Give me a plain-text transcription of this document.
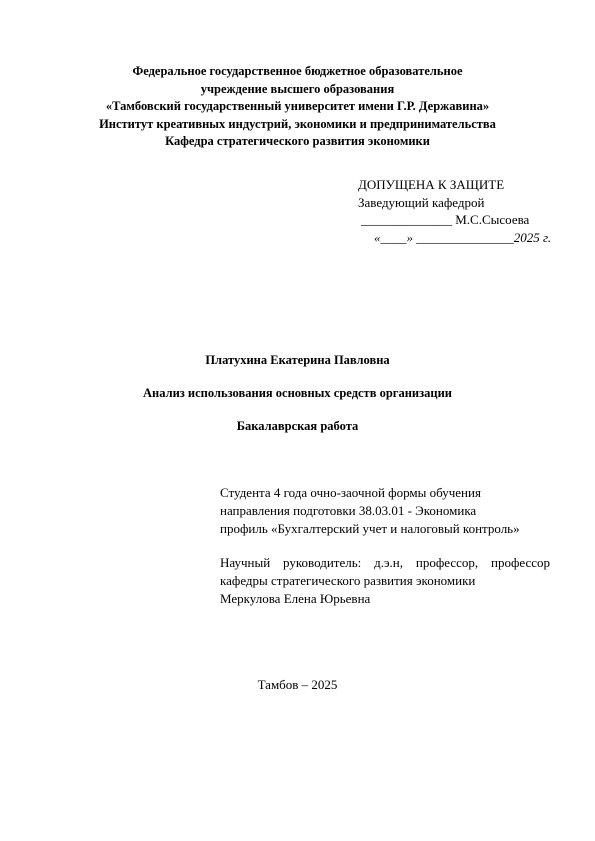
Федеральное государственное бюджетное образовательное
учреждение высшего образования
«Тамбовский государственный университет имени Г.Р. Державина»
Институт креативных индустрий, экономики и предпринимательства
Кафедра стратегического развития экономики
ДОПУЩЕНА К ЗАЩИТЕ
Заведующий кафедрой
______________ М.С.Сысоева
«____» _______________2025 г.
Платухина Екатерина Павловна
Анализ использования основных средств организации
Бакалаврская работа
Студента 4 года очно-заочной формы обучения
направления подготовки 38.03.01 - Экономика
профиль «Бухгалтерский учет и налоговый контроль»
Научный руководитель: д.э.н, профессор, профессор
кафедры стратегического развития экономики
Меркулова Елена Юрьевна
Тамбов – 2025
